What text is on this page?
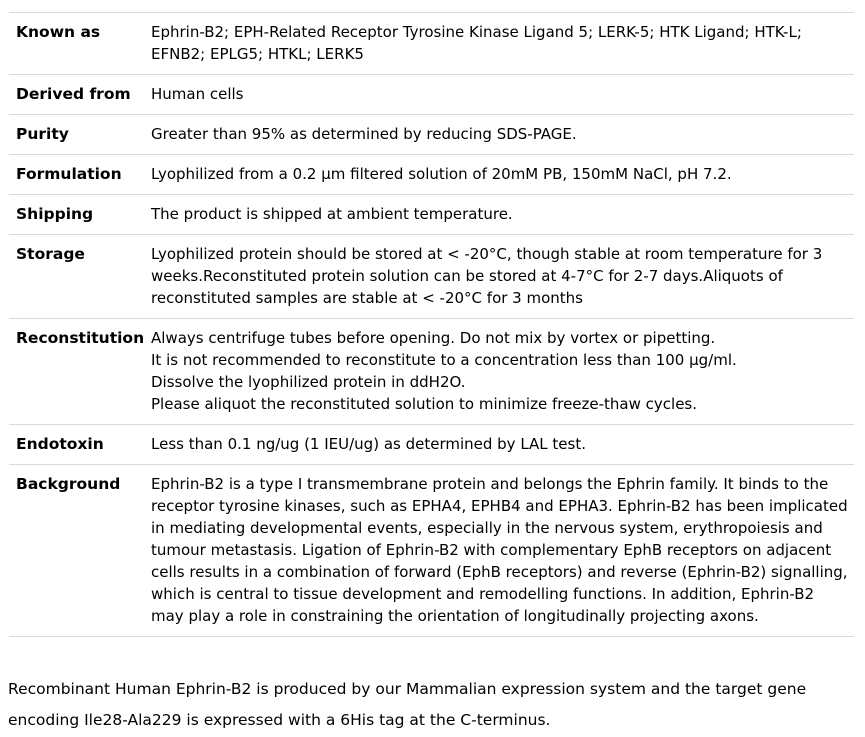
Known as	Ephrin-B2; EPH-Related Receptor Tyrosine Kinase Ligand 5; LERK-5; HTK Ligand; HTK-L; EFNB2; EPLG5; HTKL; LERK5
Derived from	Human cells
Purity	Greater than 95% as determined by reducing SDS-PAGE.
Formulation	Lyophilized from a 0.2 μm filtered solution of 20mM PB, 150mM NaCl, pH 7.2.
Shipping	The product is shipped at ambient temperature.
Storage	Lyophilized protein should be stored at < -20°C, though stable at room temperature for 3 weeks.Reconstituted protein solution can be stored at 4-7°C for 2-7 days.Aliquots of reconstituted samples are stable at < -20°C for 3 months
Reconstitution	Always centrifuge tubes before opening. Do not mix by vortex or pipetting.
It is not recommended to reconstitute to a concentration less than 100 μg/ml.
Dissolve the lyophilized protein in ddH2O.
Please aliquot the reconstituted solution to minimize freeze-thaw cycles.
Endotoxin	Less than 0.1 ng/ug (1 IEU/ug) as determined by LAL test.
Background	Ephrin-B2 is a type I transmembrane protein and belongs the Ephrin family. It binds to the receptor tyrosine kinases, such as EPHA4, EPHB4 and EPHA3. Ephrin-B2 has been implicated in mediating developmental events, especially in the nervous system, erythropoiesis and tumour metastasis. Ligation of Ephrin-B2 with complementary EphB receptors on adjacent cells results in a combination of forward (EphB receptors) and reverse (Ephrin-B2) signalling, which is central to tissue development and remodelling functions. In addition, Ephrin-B2 may play a role in constraining the orientation of longitudinally projecting axons.

Recombinant Human Ephrin-B2 is produced by our Mammalian expression system and the target gene encoding Ile28-Ala229 is expressed with a 6His tag at the C-terminus.
